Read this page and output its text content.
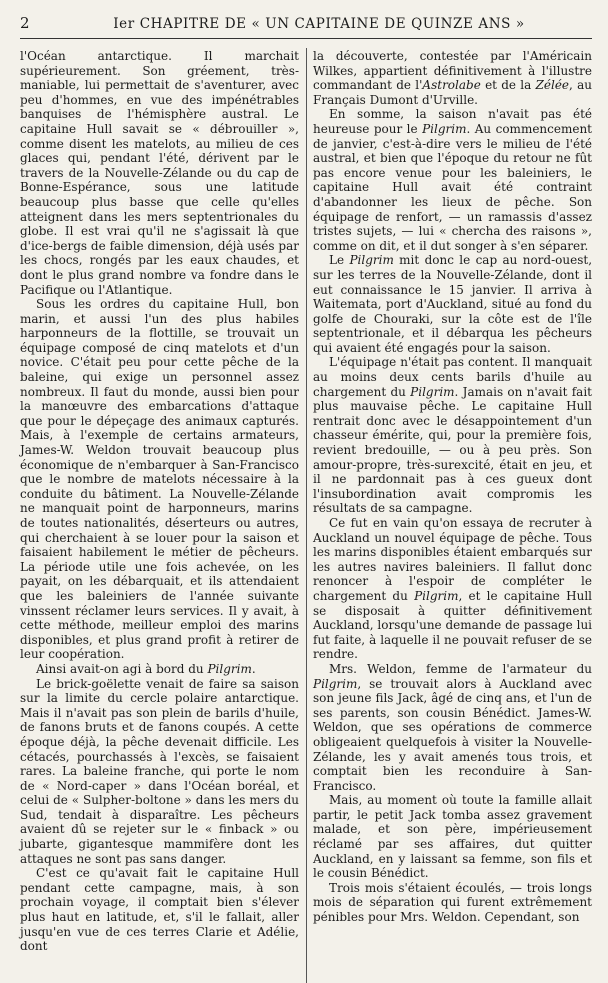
2	Ier CHAPITRE DE « UN CAPITAINE DE QUINZE ANS »

l'Océan antarctique. Il marchait supérieurement. Son gréement, très-maniable, lui permettait de s'aventurer, avec peu d'hommes, en vue des impénétrables banquises de l'hémisphère austral. Le capitaine Hull savait se « débrouiller », comme disent les matelots, au milieu de ces glaces qui, pendant l'été, dérivent par le travers de la Nouvelle-Zélande ou du cap de Bonne-Espérance, sous une latitude beaucoup plus basse que celle qu'elles atteignent dans les mers septentrionales du globe. Il est vrai qu'il ne s'agissait là que d'ice-bergs de faible dimension, déjà usés par les chocs, rongés par les eaux chaudes, et dont le plus grand nombre va fondre dans le Pacifique ou l'Atlantique.

Sous les ordres du capitaine Hull, bon marin, et aussi l'un des plus habiles harponneurs de la flottille, se trouvait un équipage composé de cinq matelots et d'un novice. C'était peu pour cette pêche de la baleine, qui exige un personnel assez nombreux. Il faut du monde, aussi bien pour la manœuvre des embarcations d'attaque que pour le dépeçage des animaux capturés. Mais, à l'exemple de certains armateurs, James-W. Weldon trouvait beaucoup plus économique de n'embarquer à San-Francisco que le nombre de matelots nécessaire à la conduite du bâtiment. La Nouvelle-Zélande ne manquait point de harponneurs, marins de toutes nationalités, déserteurs ou autres, qui cherchaient à se louer pour la saison et faisaient habilement le métier de pêcheurs. La période utile une fois achevée, on les payait, on les débarquait, et ils attendaient que les baleiniers de l'année suivante vinssent réclamer leurs services. Il y avait, à cette méthode, meilleur emploi des marins disponibles, et plus grand profit à retirer de leur coopération.

Ainsi avait-on agi à bord du Pilgrim.

Le brick-goëlette venait de faire sa saison sur la limite du cercle polaire antarctique. Mais il n'avait pas son plein de barils d'huile, de fanons bruts et de fanons coupés. A cette époque déjà, la pêche devenait difficile. Les cétacés, pourchassés à l'excès, se faisaient rares. La baleine franche, qui porte le nom de « Nord-caper » dans l'Océan boréal, et celui de « Sulpher-boltone » dans les mers du Sud, tendait à disparaître. Les pêcheurs avaient dû se rejeter sur le « finback » ou jubarte, gigantesque mammifère dont les attaques ne sont pas sans danger.

C'est ce qu'avait fait le capitaine Hull pendant cette campagne, mais, à son prochain voyage, il comptait bien s'élever plus haut en latitude, et, s'il le fallait, aller jusqu'en vue de ces terres Clarie et Adélie, dont

la découverte, contestée par l'Américain Wilkes, appartient définitivement à l'illustre commandant de l'Astrolabe et de la Zélée, au Français Dumont d'Urville.

En somme, la saison n'avait pas été heureuse pour le Pilgrim. Au commencement de janvier, c'est-à-dire vers le milieu de l'été austral, et bien que l'époque du retour ne fût pas encore venue pour les baleiniers, le capitaine Hull avait été contraint d'abandonner les lieux de pêche. Son équipage de renfort, — un ramassis d'assez tristes sujets, — lui « chercha des raisons », comme on dit, et il dut songer à s'en séparer.

Le Pilgrim mit donc le cap au nord-ouest, sur les terres de la Nouvelle-Zélande, dont il eut connaissance le 15 janvier. Il arriva à Waitemata, port d'Auckland, situé au fond du golfe de Chouraki, sur la côte est de l'île septentrionale, et il débarqua les pêcheurs qui avaient été engagés pour la saison.

L'équipage n'était pas content. Il manquait au moins deux cents barils d'huile au chargement du Pilgrim. Jamais on n'avait fait plus mauvaise pêche. Le capitaine Hull rentrait donc avec le désappointement d'un chasseur émérite, qui, pour la première fois, revient bredouille, — ou à peu près. Son amour-propre, très-surexcité, était en jeu, et il ne pardonnait pas à ces gueux dont l'insubordination avait compromis les résultats de sa campagne.

Ce fut en vain qu'on essaya de recruter à Auckland un nouvel équipage de pêche. Tous les marins disponibles étaient embarqués sur les autres navires baleiniers. Il fallut donc renoncer à l'espoir de compléter le chargement du Pilgrim, et le capitaine Hull se disposait à quitter définitivement Auckland, lorsqu'une demande de passage lui fut faite, à laquelle il ne pouvait refuser de se rendre.

Mrs. Weldon, femme de l'armateur du Pilgrim, se trouvait alors à Auckland avec son jeune fils Jack, âgé de cinq ans, et l'un de ses parents, son cousin Bénédict. James-W. Weldon, que ses opérations de commerce obligeaient quelquefois à visiter la Nouvelle-Zélande, les y avait amenés tous trois, et comptait bien les reconduire à San-Francisco.

Mais, au moment où toute la famille allait partir, le petit Jack tomba assez gravement malade, et son père, impérieusement réclamé par ses affaires, dut quitter Auckland, en y laissant sa femme, son fils et le cousin Bénédict.

Trois mois s'étaient écoulés, — trois longs mois de séparation qui furent extrêmement pénibles pour Mrs. Weldon. Cependant, son
